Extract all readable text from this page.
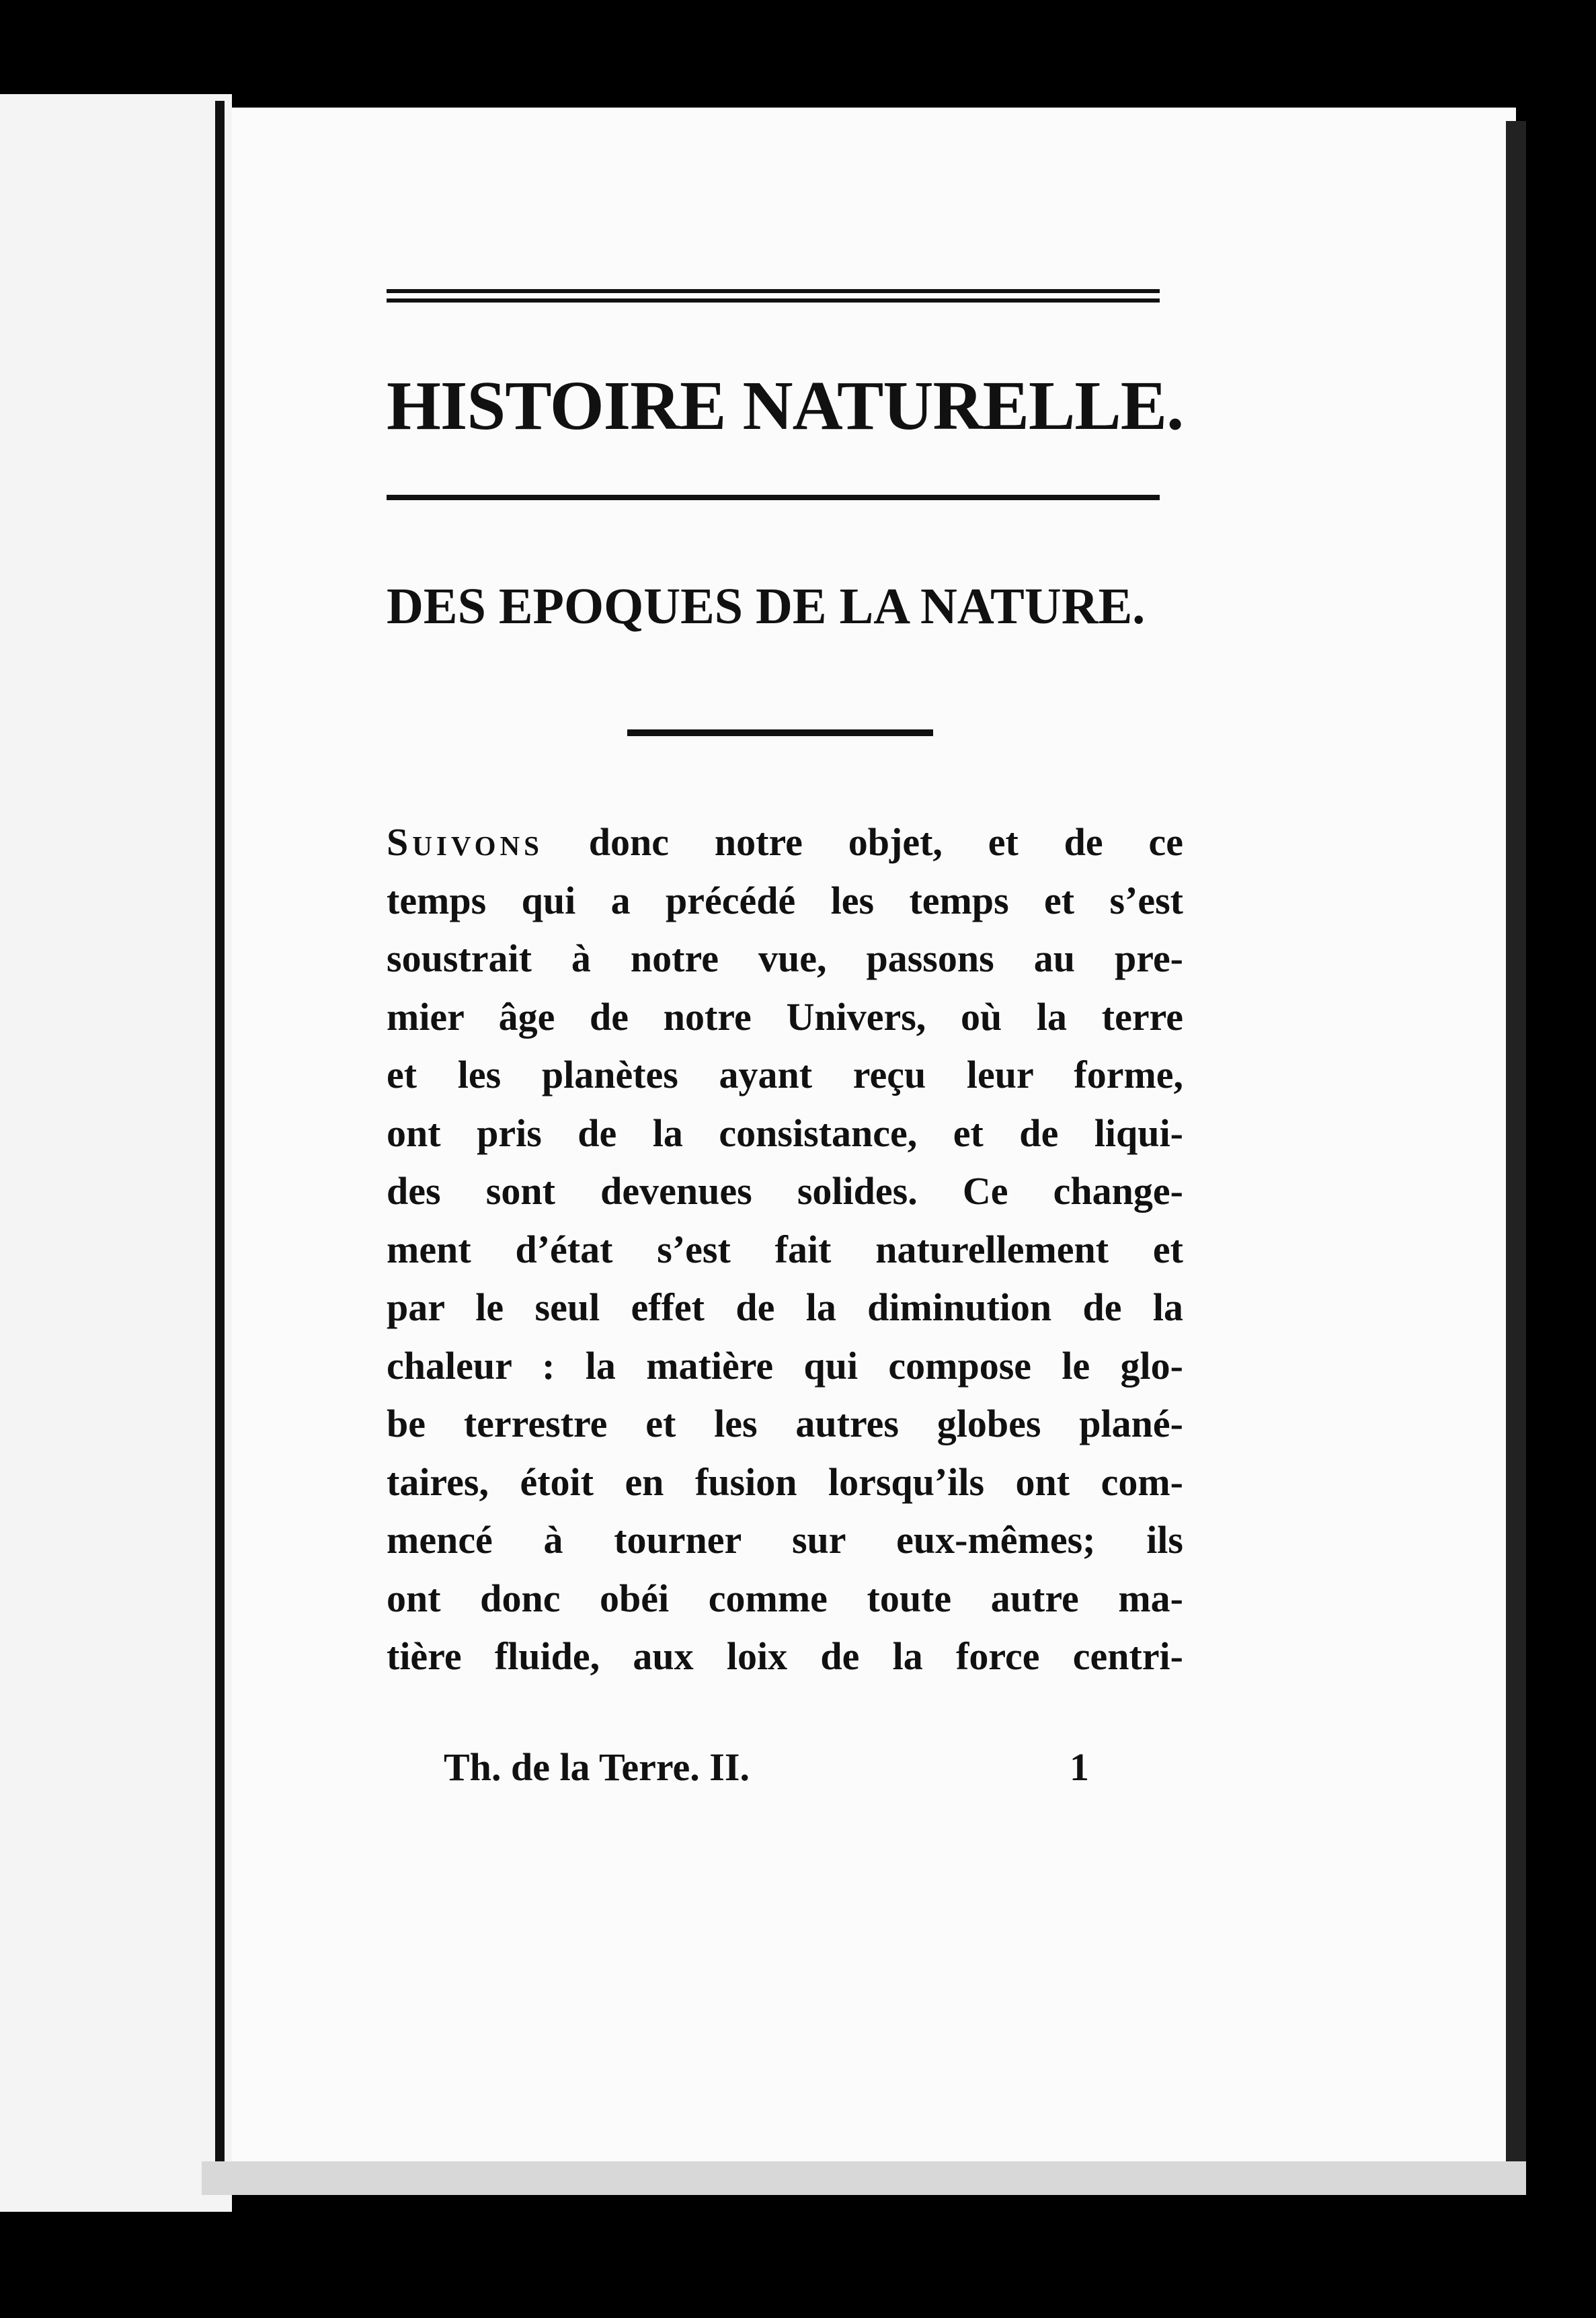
HISTOIRE NATURELLE.
DES EPOQUES DE LA NATURE.
Suivons donc notre objet, et de ce
temps qui a précédé les temps et s’est
soustrait à notre vue, passons au pre-
mier âge de notre Univers, où la terre
et les planètes ayant reçu leur forme,
ont pris de la consistance, et de liqui-
des sont devenues solides. Ce change-
ment d’état s’est fait naturellement et
par le seul effet de la diminution de la
chaleur : la matière qui compose le glo-
be terrestre et les autres globes plané-
taires, étoit en fusion lorsqu’ils ont com-
mencé à tourner sur eux-mêmes; ils
ont donc obéi comme toute autre ma-
tière fluide, aux loix de la force centri-
Th. de la Terre. II.	1
